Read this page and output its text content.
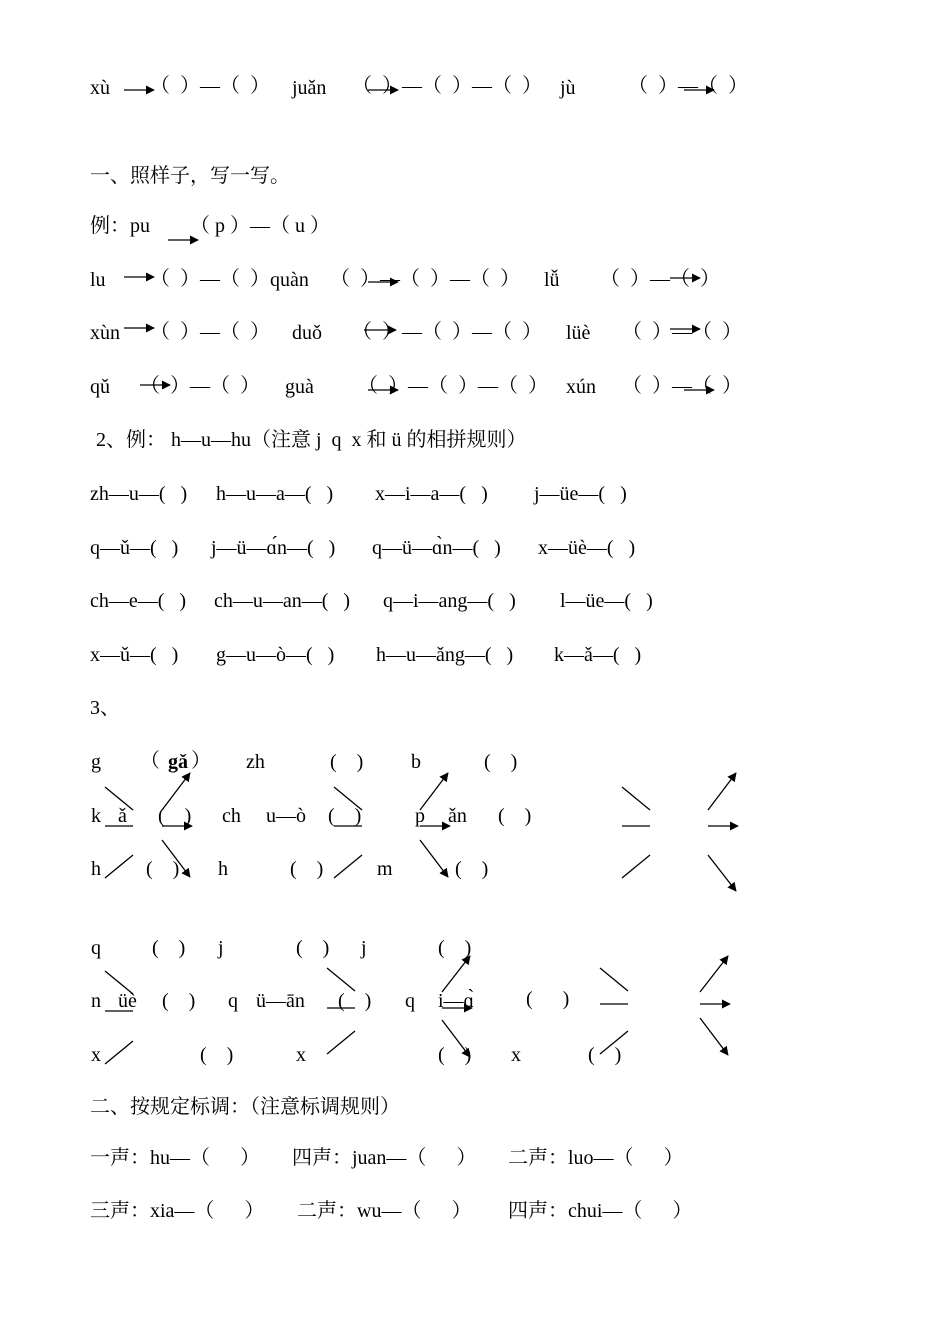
xù （  ）—（  ） juǎn （  ）—（  ）—（  ） jù	（  ）—（  ）
一、照样子，写一写。
例：pu （ p ）—（ u ）
lu （  ）—（  ） quàn （  ）—（  ）—（  ） lǚ （  ）—（  ）
xùn （  ）—（  ） duǒ （  ）—（  ）—（  ） lüè （  ）—（  ）
qǔ （  ）—（  ） guà （  ）—（  ）—（  ） xún （  ）—（  ）
2、例： h—u—hu（注意 j  q  x 和 ü 的相拼规则）
zh—u—(   ) h—u—a—(   ) x—i—a—(   ) j—üe—(   )
q—ǔ—(   ) j—ü—ɑ́n—(   ) q—ü—ɑ̀n—(   ) x—üè—(   )
ch—e—(   ) ch—u—an—(   ) q—i—ang—(   ) l—üe—(   )
x—ǔ—(   ) g—u—ò—(   ) h—u—ǎng—(   ) k—ǎ—(   )
3、
g （ gǎ ） zh	(    ) b	(    )
k ǎ (    ) ch u—ò (    )	p ǎn (    )
h (    ) h	(    )	m	(    )
q	(    ) j	(    ) j	(    )
n üè (    ) q ü—ān (    ) q i—ɑ̀	(      )
x	(    )	x	(    ) x	(    )
二、按规定标调：（注意标调规则）
一声：hu—（      ） 四声：juan—（      ） 二声：luo—（      ）
三声：xia—（      ） 二声：wu—（      ） 四声：chui—（      ）
